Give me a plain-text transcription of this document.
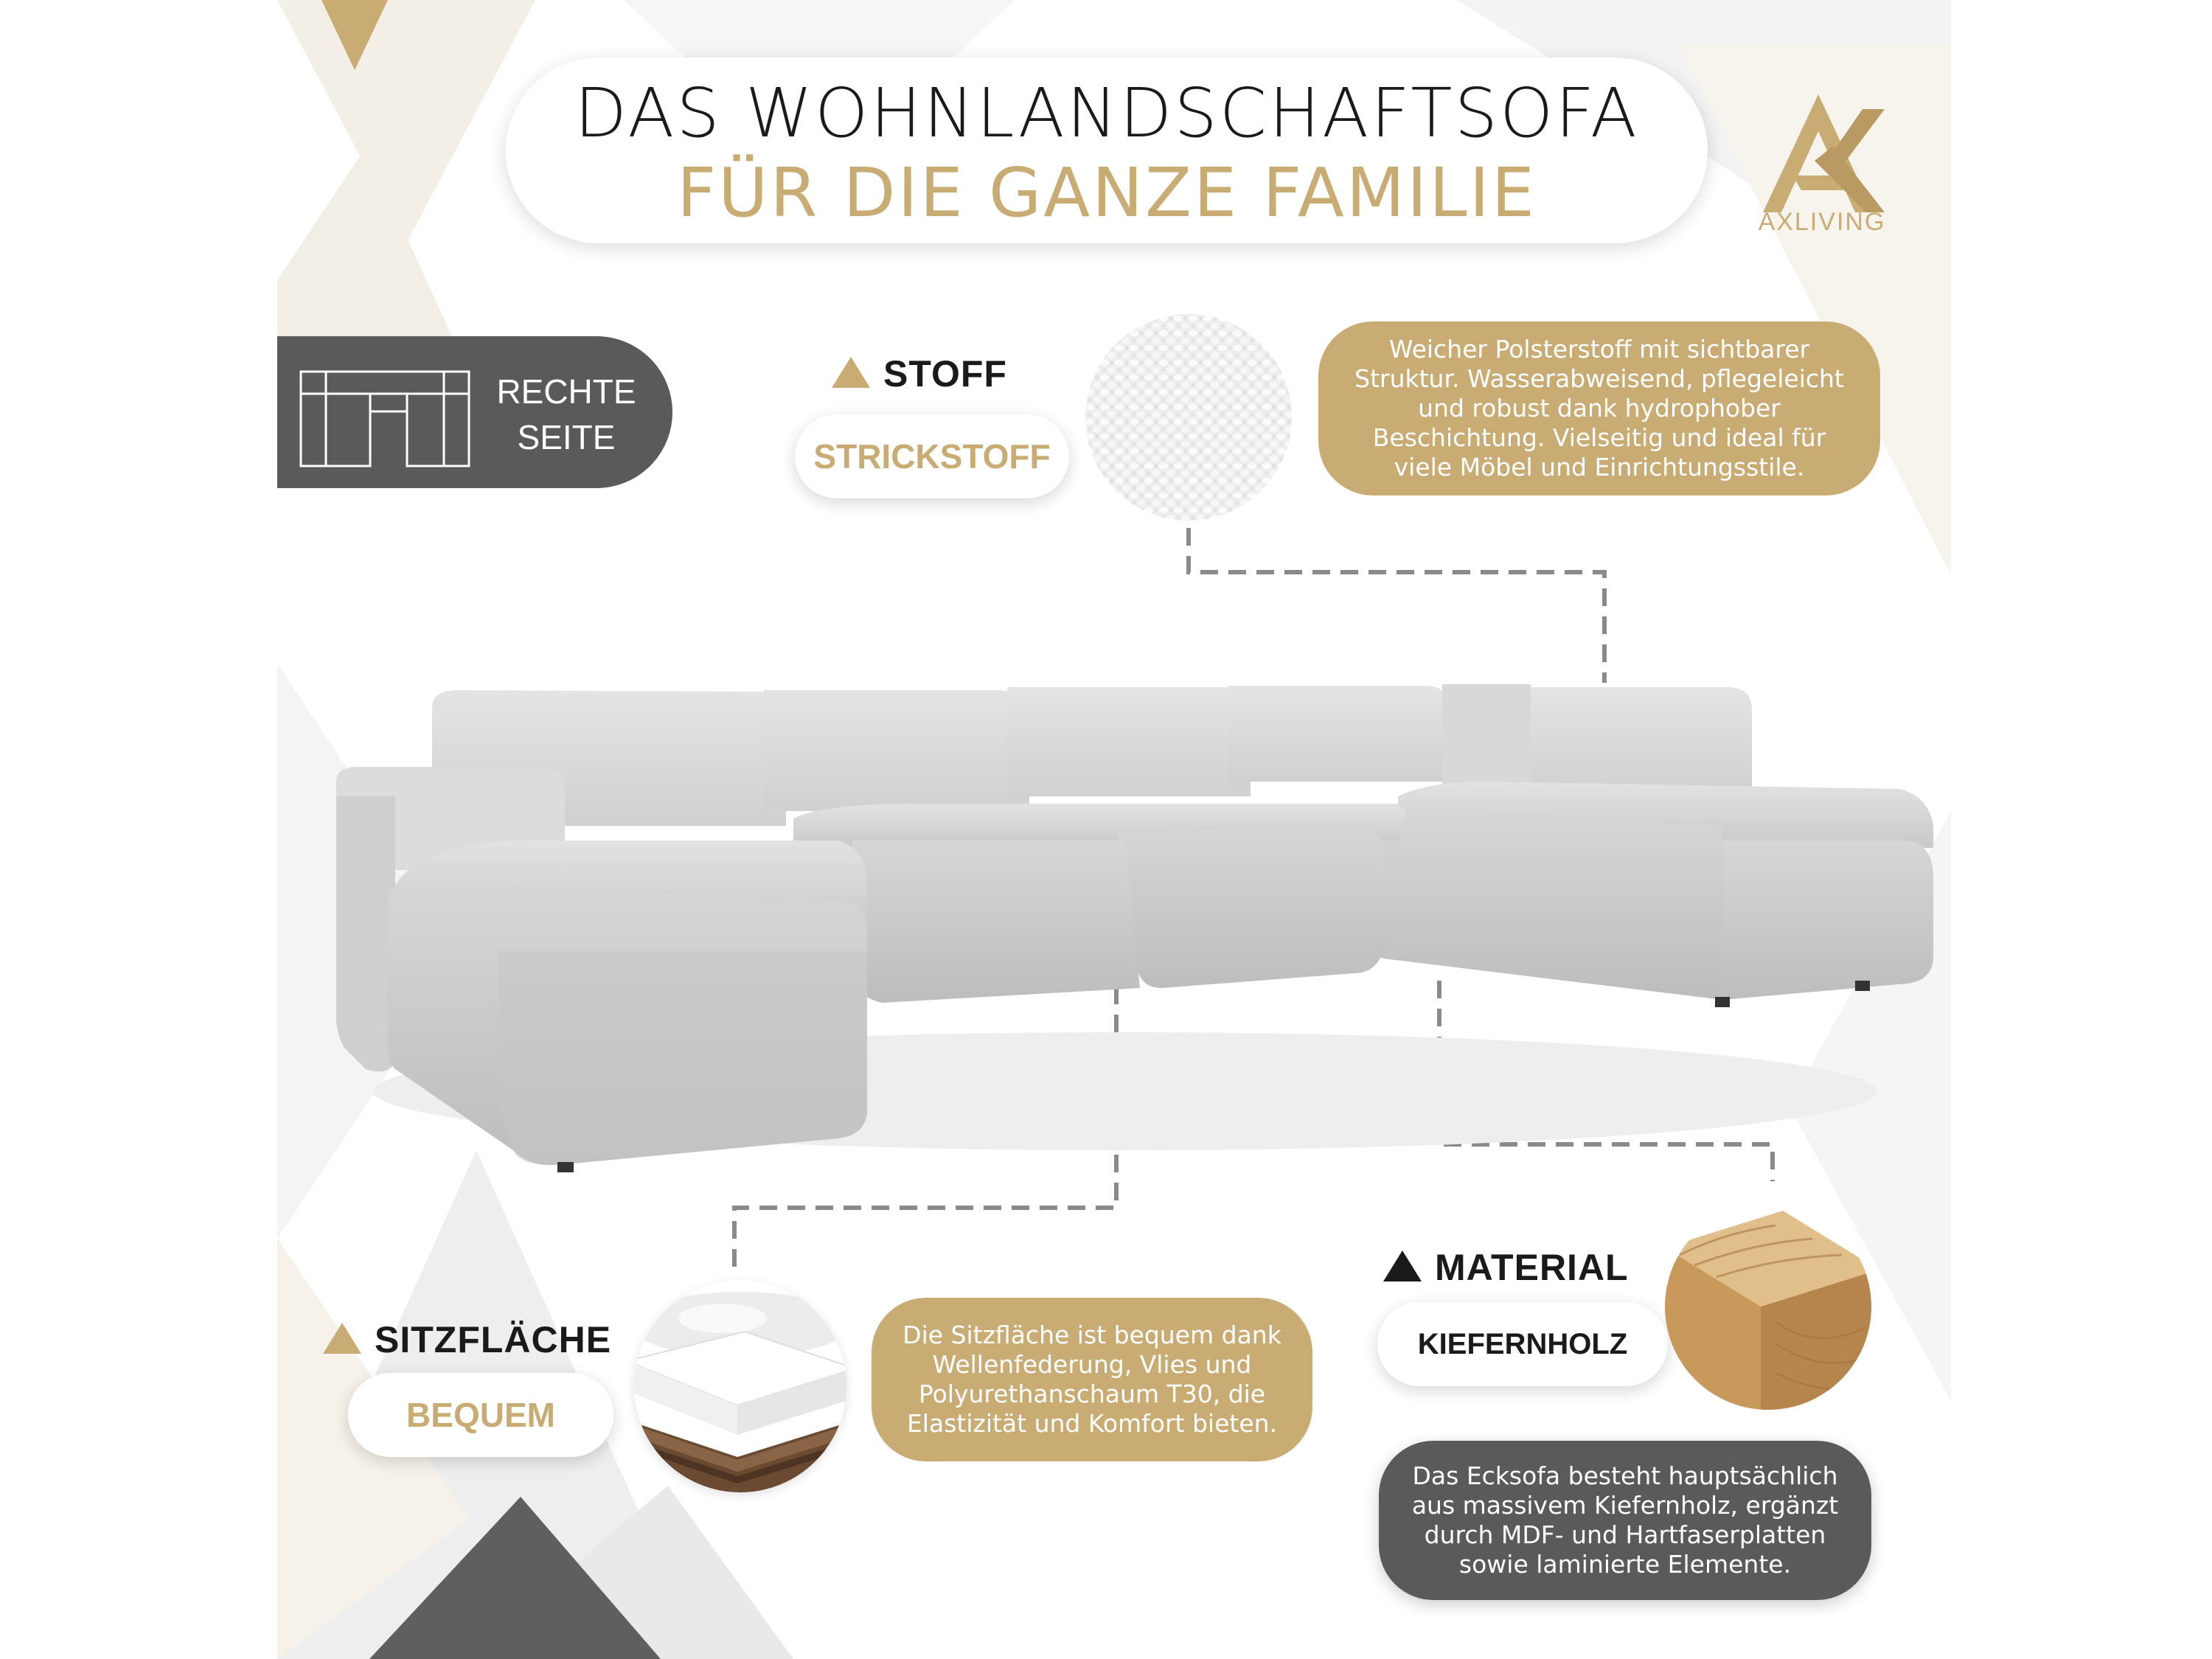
DAS WOHNLANDSCHAFTSOFA
FÜR DIE GANZE FAMILIE	AXLIVING
RECHTE
SEITE
STOFF
STRICKSTOFF
Weicher Polsterstoff mit sichtbarer Struktur. Wasserabweisend, pflegeleicht und robust dank hydrophober Beschichtung. Vielseitig und ideal für viele Möbel und Einrichtungsstile.
SITZFLÄCHE
BEQUEM
Die Sitzfläche ist bequem dank Wellenfederung, Vlies und Polyurethanschaum T30, die Elastizität und Komfort bieten.
MATERIAL
KIEFERNHOLZ
Das Ecksofa besteht hauptsächlich aus massivem Kiefernholz, ergänzt durch MDF- und Hartfaserplatten sowie laminierte Elemente.
